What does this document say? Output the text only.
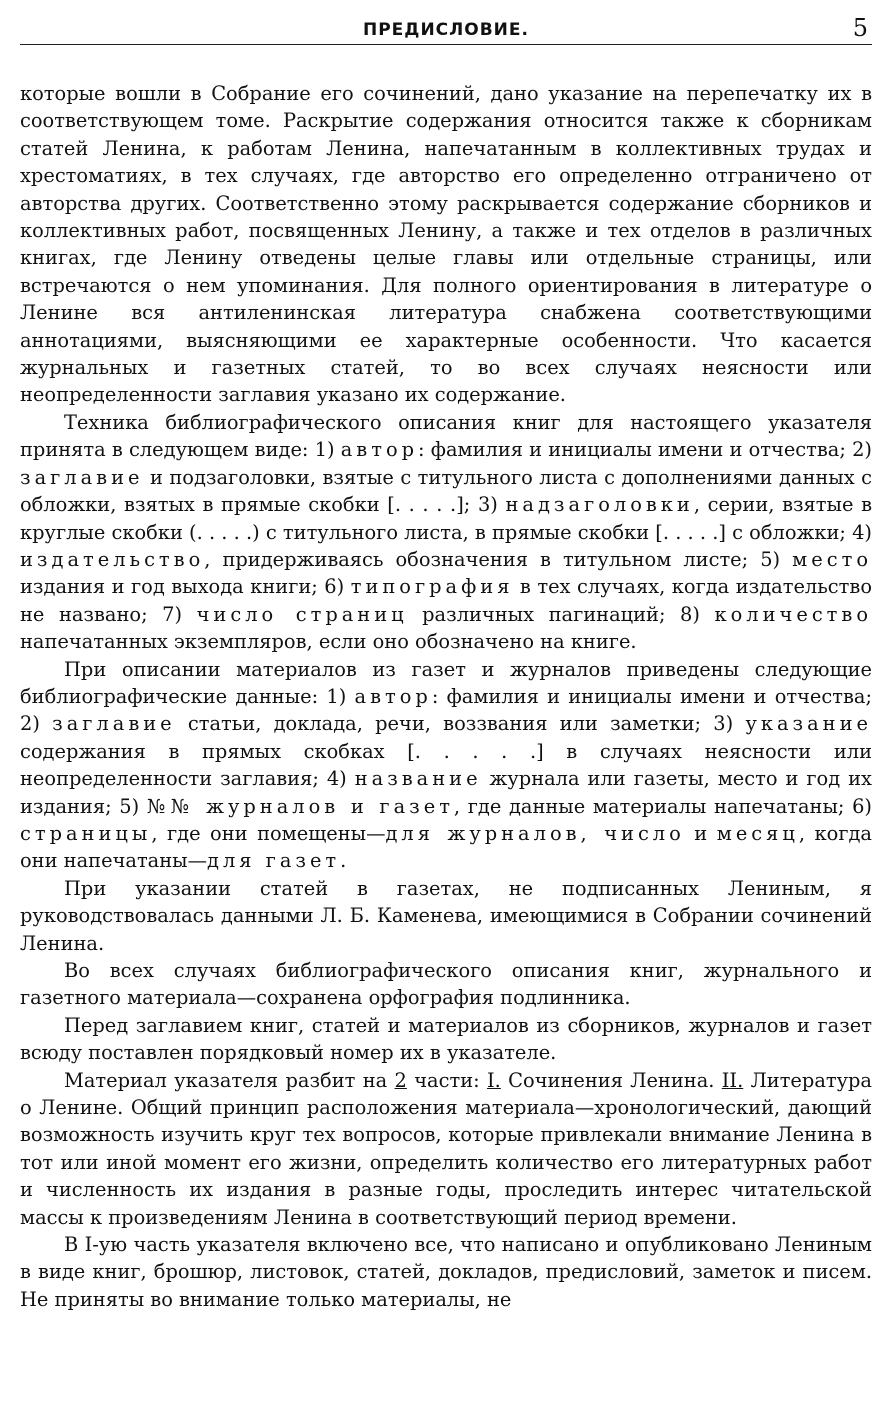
ПРЕДИСЛОВИЕ.	5

которые вошли в Собрание его сочинений, дано указание на перепечатку их в соответствующем томе. Раскрытие содержания относится также к сборникам статей Ленина, к работам Ленина, напечатанным в коллективных трудах и хрестоматиях, в тех случаях, где авторство его определенно отграничено от авторства других. Соответственно этому раскрывается содержание сборников и коллективных работ, посвященных Ленину, а также и тех отделов в различных книгах, где Ленину отведены целые главы или отдельные страницы, или встречаются о нем упоминания. Для полного ориентирования в литературе о Ленине вся антиленинская литература снабжена соответствующими аннотациями, выясняющими ее характерные особенности. Что касается журнальных и газетных статей, то во всех случаях неясности или неопределенности заглавия указано их содержание.

Техника библиографического описания книг для настоящего указателя принята в следующем виде: 1) автор: фамилия и инициалы имени и отчества; 2) заглавие и подзаголовки, взятые с титульного листа с дополнениями данных с обложки, взятых в прямые скобки [. . . . .]; 3) надзаголовки, серии, взятые в круглые скобки (. . . . .) с титульного листа, в прямые скобки [. . . . .] с обложки; 4) издательство, придерживаясь обозначения в титульном листе; 5) место издания и год выхода книги; 6) типография в тех случаях, когда издательство не названо; 7) число страниц различных пагинаций; 8) количество напечатанных экземпляров, если оно обозначено на книге.

При описании материалов из газет и журналов приведены следующие библиографические данные: 1) автор: фамилия и инициалы имени и отчества; 2) заглавие статьи, доклада, речи, воззвания или заметки; 3) указание содержания в прямых скобках [. . . . .] в случаях неясности или неопределенности заглавия; 4) название журнала или газеты, место и год их издания; 5) №№ журналов и газет, где данные материалы напечатаны; 6) страницы, где они помещены—для журналов, число и месяц, когда они напечатаны—для газет.

При указании статей в газетах, не подписанных Лениным, я руководствовалась данными Л. Б. Каменева, имеющимися в Собрании сочинений Ленина.

Во всех случаях библиографического описания книг, журнального и газетного материала—сохранена орфография подлинника.

Перед заглавием книг, статей и материалов из сборников, журналов и газет всюду поставлен порядковый номер их в указателе.

Материал указателя разбит на 2 части: I. Сочинения Ленина. II. Литература о Ленине. Общий принцип расположения материала—хронологический, дающий возможность изучить круг тех вопросов, которые привлекали внимание Ленина в тот или иной момент его жизни, определить количество его литературных работ и численность их издания в разные годы, проследить интерес читательской массы к произведениям Ленина в соответствующий период времени.

В I-ую часть указателя включено все, что написано и опубликовано Лениным в виде книг, брошюр, листовок, статей, докладов, предисловий, заметок и писем. Не приняты во внимание только материалы, не
